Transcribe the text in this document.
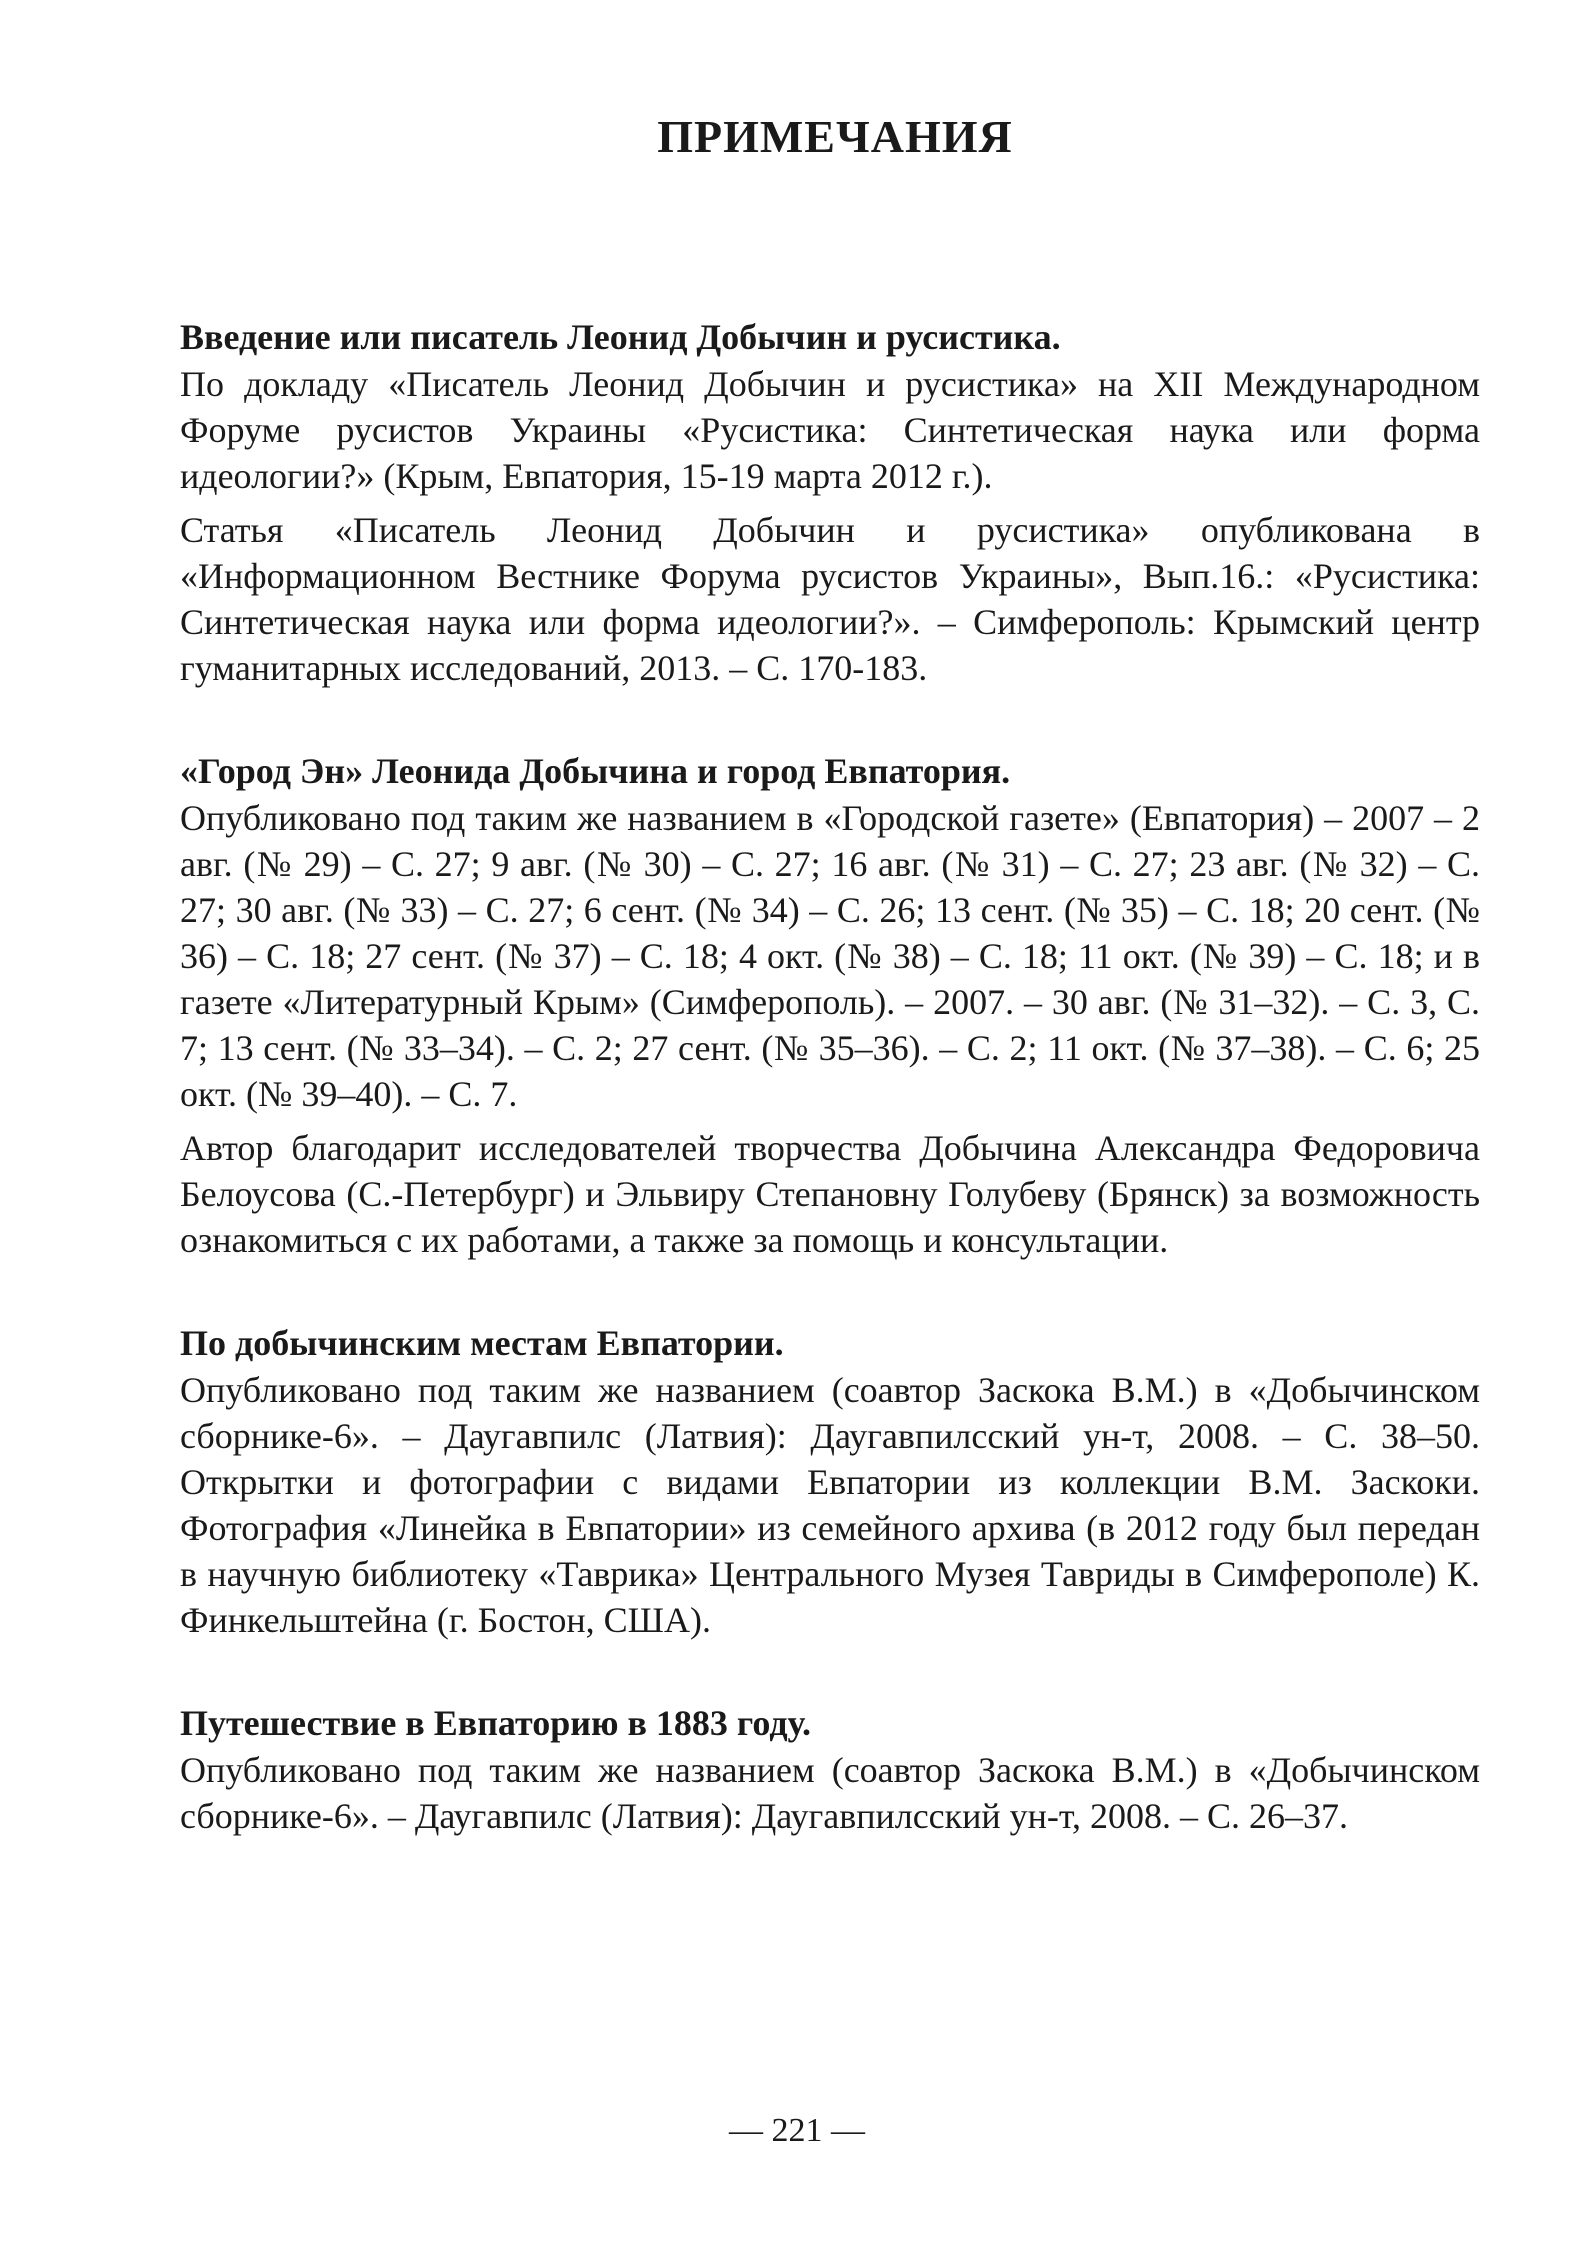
ПРИМЕЧАНИЯ
Введение или писатель Леонид Добычин и русистика.

По докладу «Писатель Леонид Добычин и русистика» на XII Международном Форуме русистов Украины «Русистика: Синтетическая наука или форма идеологии?» (Крым, Евпатория, 15-19 марта 2012 г.).

Статья «Писатель Леонид Добычин и русистика» опубликована в «Информационном Вестнике Форума русистов Украины», Вып.16.: «Русистика: Синтетическая наука или форма идеологии?». – Симферополь: Крымский центр гуманитарных исследований, 2013. – С. 170-183.

«Город Эн» Леонида Добычина и город Евпатория.

Опубликовано под таким же названием в «Городской газете» (Евпатория) – 2007 – 2 авг. (№ 29) – С. 27; 9 авг. (№ 30) – С. 27; 16 авг. (№ 31) – С. 27; 23 авг. (№ 32) – С. 27; 30 авг. (№ 33) – С. 27; 6 сент. (№ 34) – С. 26; 13 сент. (№ 35) – С. 18; 20 сент. (№ 36) – С. 18; 27 сент. (№ 37) – С. 18; 4 окт. (№ 38) – С. 18; 11 окт. (№ 39) – С. 18; и в газете «Литературный Крым» (Симферополь). – 2007. – 30 авг. (№ 31–32). – С. 3, С. 7; 13 сент. (№ 33–34). – С. 2; 27 сент. (№ 35–36). – С. 2; 11 окт. (№ 37–38). – С. 6; 25 окт. (№ 39–40). – С. 7.

Автор благодарит исследователей творчества Добычина Александра Федоровича Белоусова (С.-Петербург) и Эльвиру Степановну Голубеву (Брянск) за возможность ознакомиться с их работами, а также за помощь и консультации.

По добычинским местам Евпатории.

Опубликовано под таким же названием (соавтор Заскока В.М.) в «Добычинском сборнике-6». – Даугавпилс (Латвия): Даугавпилсский ун-т, 2008. – С. 38–50. Открытки и фотографии с видами Евпатории из коллекции В.М. Заскоки. Фотография «Линейка в Евпатории» из семейного архива (в 2012 году был передан в научную библиотеку «Таврика» Центрального Музея Тавриды в Симферополе) К. Финкельштейна (г. Бостон, США).

Путешествие в Евпаторию в 1883 году.

Опубликовано под таким же названием (соавтор Заскока В.М.) в «Добычинском сборнике-6». – Даугавпилс (Латвия): Даугавпилсский ун-т, 2008. – С. 26–37.

— 221 —
